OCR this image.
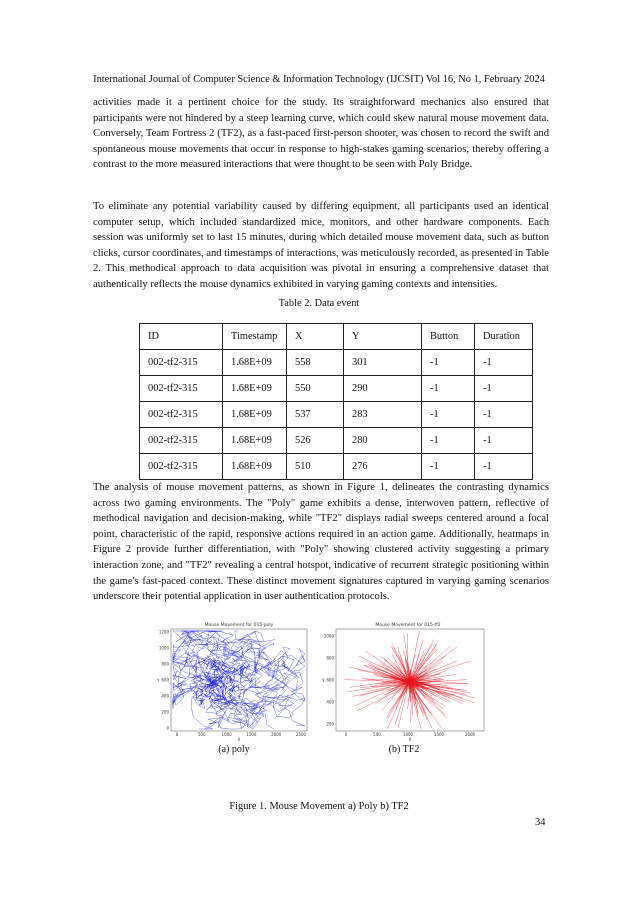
International Journal of Computer Science & Information Technology (IJCSIT) Vol 16, No 1, February 2024

activities made it a pertinent choice for the study. Its straightforward mechanics also ensured that participants were not hindered by a steep learning curve, which could skew natural mouse movement data. Conversely, Team Fortress 2 (TF2), as a fast-paced first-person shooter, was chosen to record the swift and spontaneous mouse movements that occur in response to high-stakes gaming scenarios, thereby offering a contrast to the more measured interactions that were thought to be seen with Poly Bridge.

To eliminate any potential variability caused by differing equipment, all participants used an identical computer setup, which included standardized mice, monitors, and other hardware components. Each session was uniformly set to last 15 minutes, during which detailed mouse movement data, such as button clicks, cursor coordinates, and timestamps of interactions, was meticulously recorded, as presented in Table 2. This methodical approach to data acquisition was pivotal in ensuring a comprehensive dataset that authentically reflects the mouse dynamics exhibited in varying gaming contexts and intensities.

Table 2. Data event
ID	Timestamp	X	Y	Button	Duration
002-tf2-315	1.68E+09	558	301	-1	-1
002-tf2-315	1.68E+09	550	290	-1	-1
002-tf2-315	1.68E+09	537	283	-1	-1
002-tf2-315	1.68E+09	526	280	-1	-1
002-tf2-315	1.68E+09	510	276	-1	-1

The analysis of mouse movement patterns, as shown in Figure 1, delineates the contrasting dynamics across two gaming environments. The "Poly" game exhibits a dense, interwoven pattern, reflective of methodical navigation and decision-making, while "TF2" displays radial sweeps centered around a focal point, characteristic of the rapid, responsive actions required in an action game. Additionally, heatmaps in Figure 2 provide further differentiation, with "Poly" showing clustered activity suggesting a primary interaction zone, and "TF2" revealing a central hotspot, indicative of recurrent strategic positioning within the game's fast-paced context. These distinct movement signatures captured in varying gaming scenarios underscore their potential application in user authentication protocols.

Mouse Movement for 015-poly
1200
1000
800
600
400
200
0
0	500	1000	1500	2000	2500
Y
X
(a) poly
Mouse Movement for 015-tf2
1000
800
600
400
200
0	500	1000	1500	2000
Y
X
(b) TF2
Figure 1. Mouse Movement a) Poly b) TF2
34
